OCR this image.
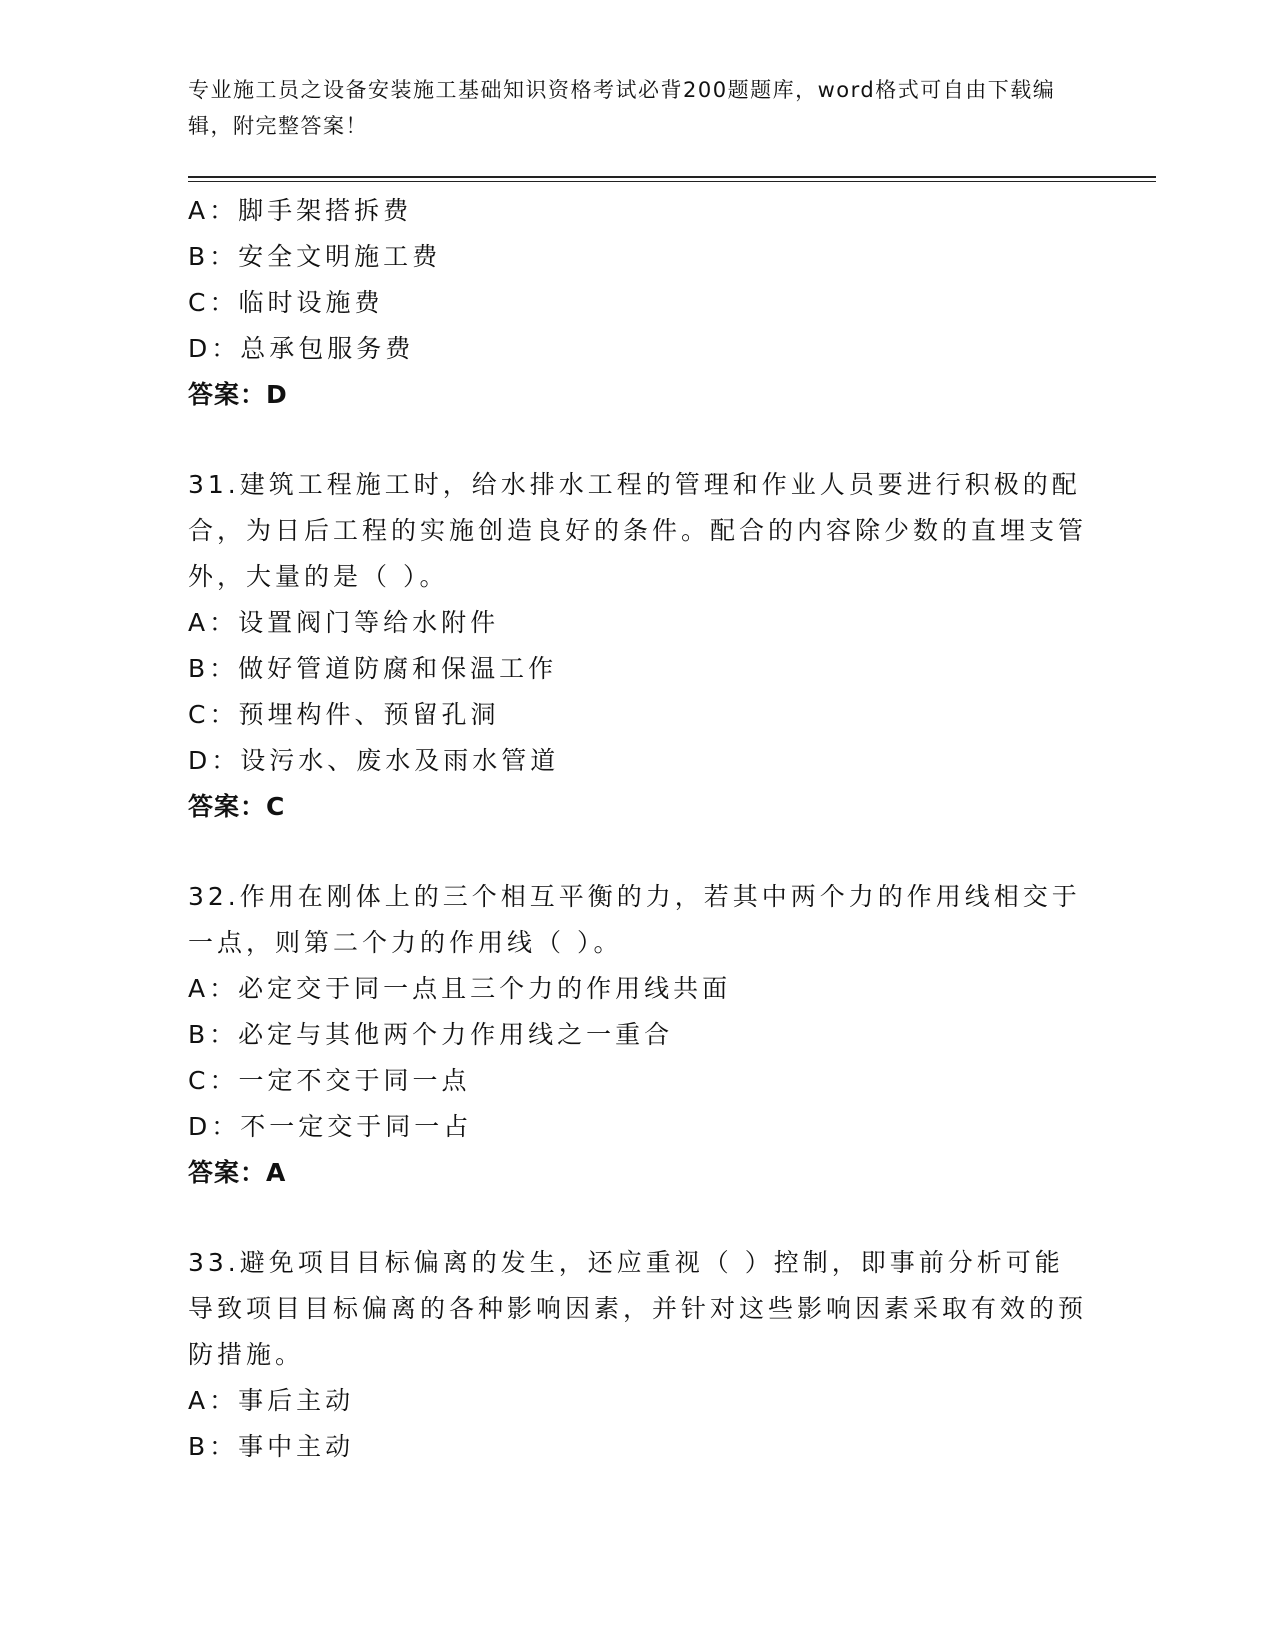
专业施工员之设备安装施工基础知识资格考试必背200题题库，word格式可自由下载编辑，附完整答案！
A：脚手架搭拆费
B：安全文明施工费
C：临时设施费
D：总承包服务费
答案：D
31.建筑工程施工时，给水排水工程的管理和作业人员要进行积极的配合，为日后工程的实施创造良好的条件。配合的内容除少数的直埋支管外，大量的是（ ）。
A：设置阀门等给水附件
B：做好管道防腐和保温工作
C：预埋构件、预留孔洞
D：设污水、废水及雨水管道
答案：C
32.作用在刚体上的三个相互平衡的力，若其中两个力的作用线相交于一点，则第二个力的作用线（ ）。
A：必定交于同一点且三个力的作用线共面
B：必定与其他两个力作用线之一重合
C：一定不交于同一点
D：不一定交于同一占
答案：A
33.避免项目目标偏离的发生，还应重视（ ）控制，即事前分析可能导致项目目标偏离的各种影响因素，并针对这些影响因素采取有效的预防措施。
A：事后主动
B：事中主动
